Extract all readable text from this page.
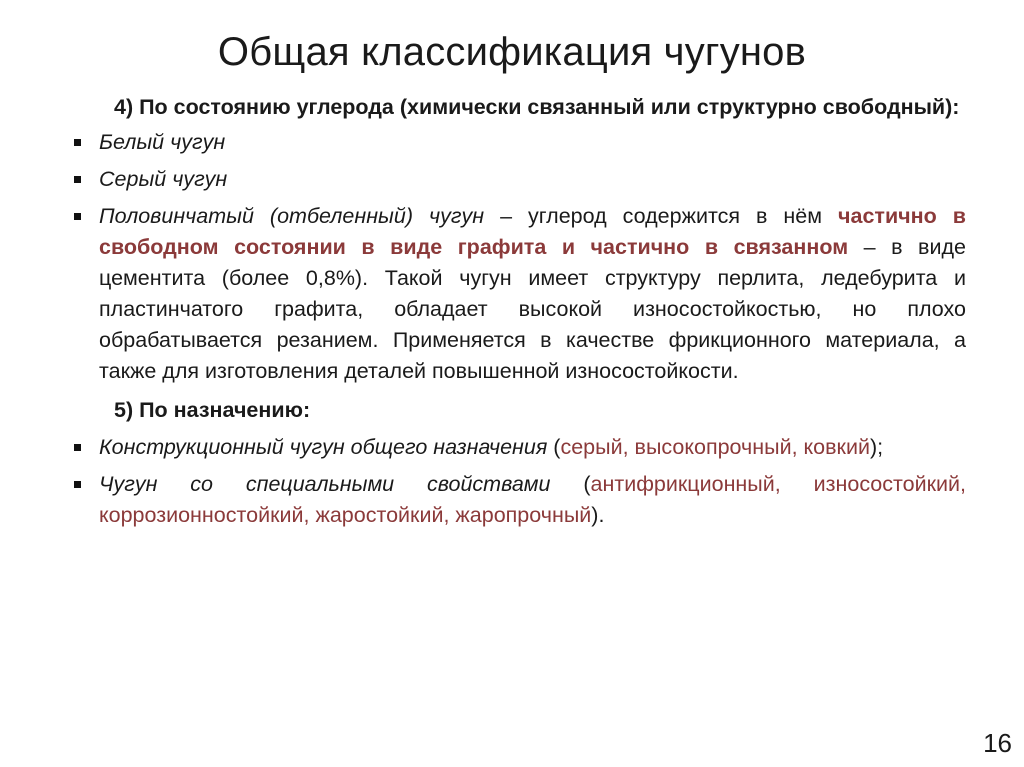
Общая классификация чугунов
4) По состоянию углерода (химически связанный или структурно свободный):
Белый чугун
Серый чугун
Половинчатый (отбеленный) чугун – углерод содержится в нём частично в свободном состоянии в виде графита и частично в связанном – в виде цементита (более 0,8%). Такой чугун имеет структуру перлита, ледебурита и пластинчатого графита, обладает высокой износостойкостью, но плохо обрабатывается резанием. Применяется в качестве фрикционного материала, а также для изготовления деталей повышенной износостойкости.
5) По назначению:
Конструкционный чугун общего назначения (серый, высокопрочный, ковкий);
Чугун со специальными свойствами (антифрикционный, износостойкий, коррозионностойкий, жаростойкий, жаропрочный).
16
